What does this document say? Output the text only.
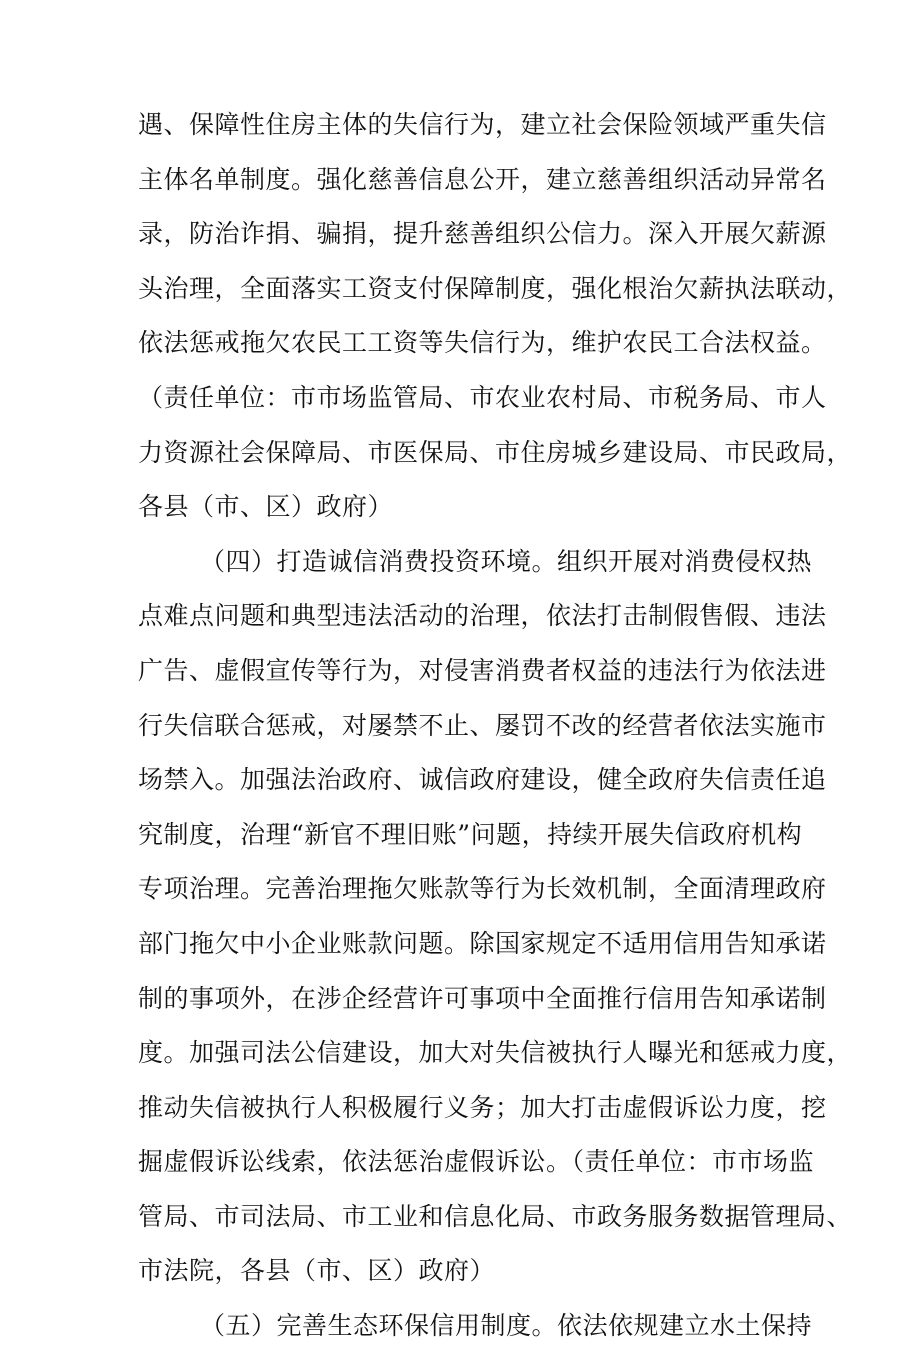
遇、保障性住房主体的失信行为，建立社会保险领域严重失信
主体名单制度。强化慈善信息公开，建立慈善组织活动异常名
录，防治诈捐、骗捐，提升慈善组织公信力。深入开展欠薪源
头治理，全面落实工资支付保障制度，强化根治欠薪执法联动，
依法惩戒拖欠农民工工资等失信行为，维护农民工合法权益。
（责任单位：市市场监管局、市农业农村局、市税务局、市人
力资源社会保障局、市医保局、市住房城乡建设局、市民政局，
各县（市、区）政府）
（四）打造诚信消费投资环境。组织开展对消费侵权热
点难点问题和典型违法活动的治理，依法打击制假售假、违法
广告、虚假宣传等行为，对侵害消费者权益的违法行为依法进
行失信联合惩戒，对屡禁不止、屡罚不改的经营者依法实施市
场禁入。加强法治政府、诚信政府建设，健全政府失信责任追
究制度，治理“新官不理旧账”问题，持续开展失信政府机构
专项治理。完善治理拖欠账款等行为长效机制，全面清理政府
部门拖欠中小企业账款问题。除国家规定不适用信用告知承诺
制的事项外，在涉企经营许可事项中全面推行信用告知承诺制
度。加强司法公信建设，加大对失信被执行人曝光和惩戒力度，
推动失信被执行人积极履行义务；加大打击虚假诉讼力度，挖
掘虚假诉讼线索，依法惩治虚假诉讼。（责任单位：市市场监
管局、市司法局、市工业和信息化局、市政务服务数据管理局、
市法院，各县（市、区）政府）
（五）完善生态环保信用制度。依法依规建立水土保持
